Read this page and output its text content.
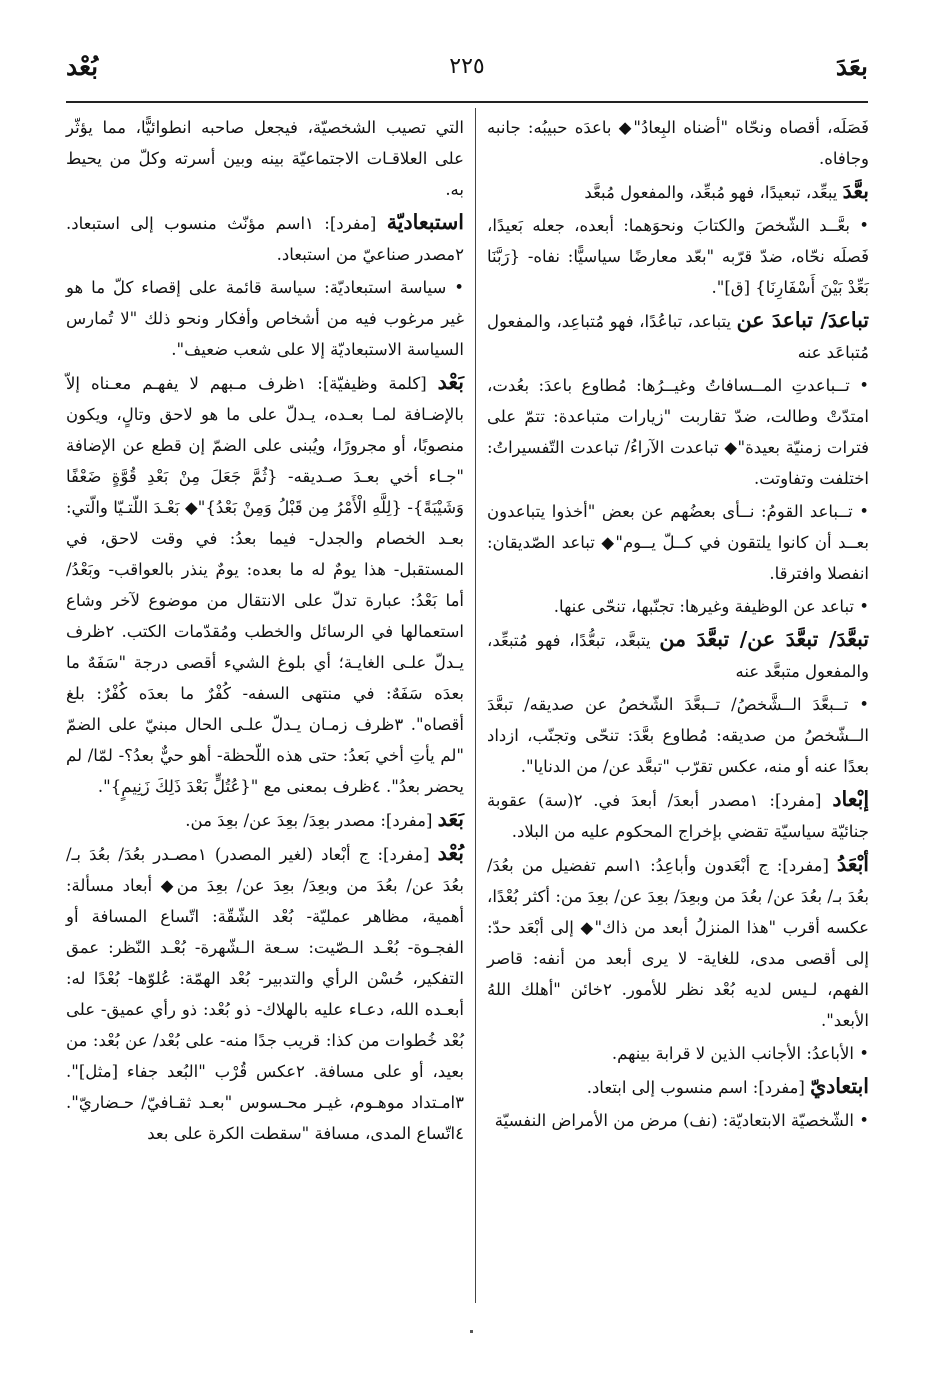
بعَدَ
٢٢٥
بُعْد

فَصَلَه، أقصاه ونحّاه "أضناه البِعادُ"◆ باعدَه حبيبُه: جانبه وجافاه.

بعَّدَ يبعِّد، تبعيدًا، فهو مُبعِّد، والمفعول مُبعَّد

• بعَّــد الشّخصَ والكتابَ ونحوَهما: أبعده، جعله بَعيدًا، فَصلَه نحّاه، ضدّ قرّبه "بعّد معارضًا سياسيًّا: نفاه- {رَبَّنَا بَعِّدْ بَيْنَ أَسْفَارِنَا} [ق]".

تباعدَ/ تباعدَ عن يتباعد، تباعُدًا، فهو مُتباعِد، والمفعول مُتباعَد عنه

• تــباعدتِ المــسافاتُ وغيــرُها: مُطاوع باعدَ: بعُدت، امتدّتْ وطالت، ضدّ تقاربت "زيارات متباعدة: تتمّ على فترات زمنيّة بعيدة"◆ تباعدت الآراءُ/ تباعدت التّفسيراتُ: اختلفت وتفاوتت.

• تــباعد القومُ: نــأى بعضُهم عن بعض "أخذوا يتباعدون بعــد أن كانوا يلتقون في كــلّ يــوم"◆ تباعد الصّديقان: انفصلا وافترقا.

• تباعد عن الوظيفة وغيرها: تجنّبها، تنحّى عنها.

تبعَّدَ/ تبعَّدَ عن/ تبعَّدَ من يتبعَّد، تبعُّدًا، فهو مُتبعِّد، والمفعول متبعَّد عنه

• تــبعَّدَ الــشَّخصُ/ تــبعَّدَ الشّخصُ عن صديقه/ تبعَّدَ الــشّخصُ من صديقه: مُطاوع بعَّدَ: تنحّى وتجنّب، ازداد بعدًا عنه أو منه، عكس تقرّب "تبعَّد عن/ من الدنايا".

إبْعاد [مفرد]: ١مصدر أبعدَ/ أبعدَ في. ٢(سة) عقوبة جنائيّة سياسيّة تقضي بإخراج المحكوم عليه من البلاد.

أبْعَدُ [مفرد]: ج أبْعَدون وأباعِدُ: ١اسم تفضيل من بعُدَ/ بعُدَ بـ/ بعُدَ عن/ بعُدَ من وبعِدَ/ بعِدَ عن/ بعِدَ من: أكثر بُعْدًا، عكسه أقرب "هذا المنزلُ أبعد من ذاك"◆ إلى أبْعَد حدّ: إلى أقصى مدى، للغاية- لا يرى أبعد من أنفه: قاصر الفهم، لـيس لديه بُعْد نظر للأمور. ٢خائن "أهلك اللهُ الأبعد".

• الأباعدُ: الأجانب الذين لا قرابة بينهم.

ابتعاديّ [مفرد]: اسم منسوب إلى ابتعاد.

• الشّخصيّة الابتعاديّة: (نف) مرض من الأمراض النفسيّة

التي تصيب الشخصيّة، فيجعل صاحبه انطوائيًّا، مما يؤثّر على العلاقـات الاجتماعيّة بينه وبين أسرته وكلّ من يحيط به.

استبعاديّة [مفرد]: ١اسم مؤنّث منسوب إلى استبعاد. ٢مصدر صناعيّ من استبعاد.

• سياسة استبعاديّة: سياسة قائمة على إقصاء كلّ ما هو غير مرغوب فيه من أشخاص وأفكار ونحو ذلك "لا تُمارس السياسة الاستبعاديّة إلا على شعب ضعيف".

بَعْد [كلمة وظيفيّة]: ١ظرف مـبهم لا يفهـم معـناه إلاّ بالإضـافة لمـا بعـده، يـدلّ على ما هو لاحق وتالٍ، ويكون منصوبًا، أو مجرورًا، ويُبنى على الضمّ إن قطع عن الإضافة "جـاء أخي بعـدَ صـديقه- {ثُمَّ جَعَلَ مِنْ بَعْدِ قُوَّةٍ ضَعْفًا وَشَيْبَةً}- {لِلَّهِ الْأَمْرُ مِن قَبْلُ وَمِنْ بَعْدُ}"◆ بَعْـدَ اللّتـيّا والّتي: بعـد الخصام والجدل- فيما بعدُ: في وقت لاحق، في المستقبل- هذا يومٌ له ما بعده: يومٌ ينذر بالعواقب- وبَعْدُ/ أما بَعْدُ: عبارة تدلّ على الانتقال من موضوع لآخر وشاع استعمالها في الرسائل والخطب ومُقدّمات الكتب. ٢ظرف يـدلّ علـى الغايـة؛ أي بلوغ الشيء أقصى درجة "سَفَهٌ ما بعدَه سَفَهٌ: في منتهى السفه- كُفْرٌ ما بعدَه كُفْرٌ: بلغ أقصاه". ٣ظرف زمـان يـدلّ علـى الحال مبنيّ على الضمّ "لم يأتِ أخي بَعدُ: حتى هذه اللّحظة- أهو حيٌّ بعدُ؟- لمّا/ لم يحضر بعدُ". ٤ظرف بمعنى مع "{عُتُلٍّ بَعْدَ ذَلِكَ زَنِيمٍ}".

بَعَد [مفرد]: مصدر بعِدَ/ بعِدَ عن/ بعِدَ من.

بُعْد [مفرد]: ج أبْعاد (لغير المصدر) ١مصـدر بعُدَ/ بعُدَ بـ/ بعُدَ عن/ بعُدَ من وبعِدَ/ بعِدَ عن/ بعِدَ من◆ أبعاد مسألة: أهمية، مظاهر عمليّة- بُعْد الشّقّة: اتّساع المسافة أو الفجـوة- بُعْـد الـصّيت: سـعة الـشّهرة- بُعْـد النّظر: عمق التفكير، حُسْن الرأي والتدبير- بُعْد الهمّة: عُلوّها- بُعْدًا له: أبعـده الله، دعـاء عليه بالهلاك- ذو بُعْد: ذو رأي عميق- على بُعْد خُطوات من كذا: قريب جدًا منه- على بُعْد/ عن بُعْد: من بعيد، أو على مسافة. ٢عكس قُرْب "البُعد جفاء [مثل]". ٣امـتداد موهـوم، غيـر محـسوس "بعـد ثقـافيّ/ حـضاريّ". ٤اتّساع المدى، مسافة "سقطت الكرة على بعد
